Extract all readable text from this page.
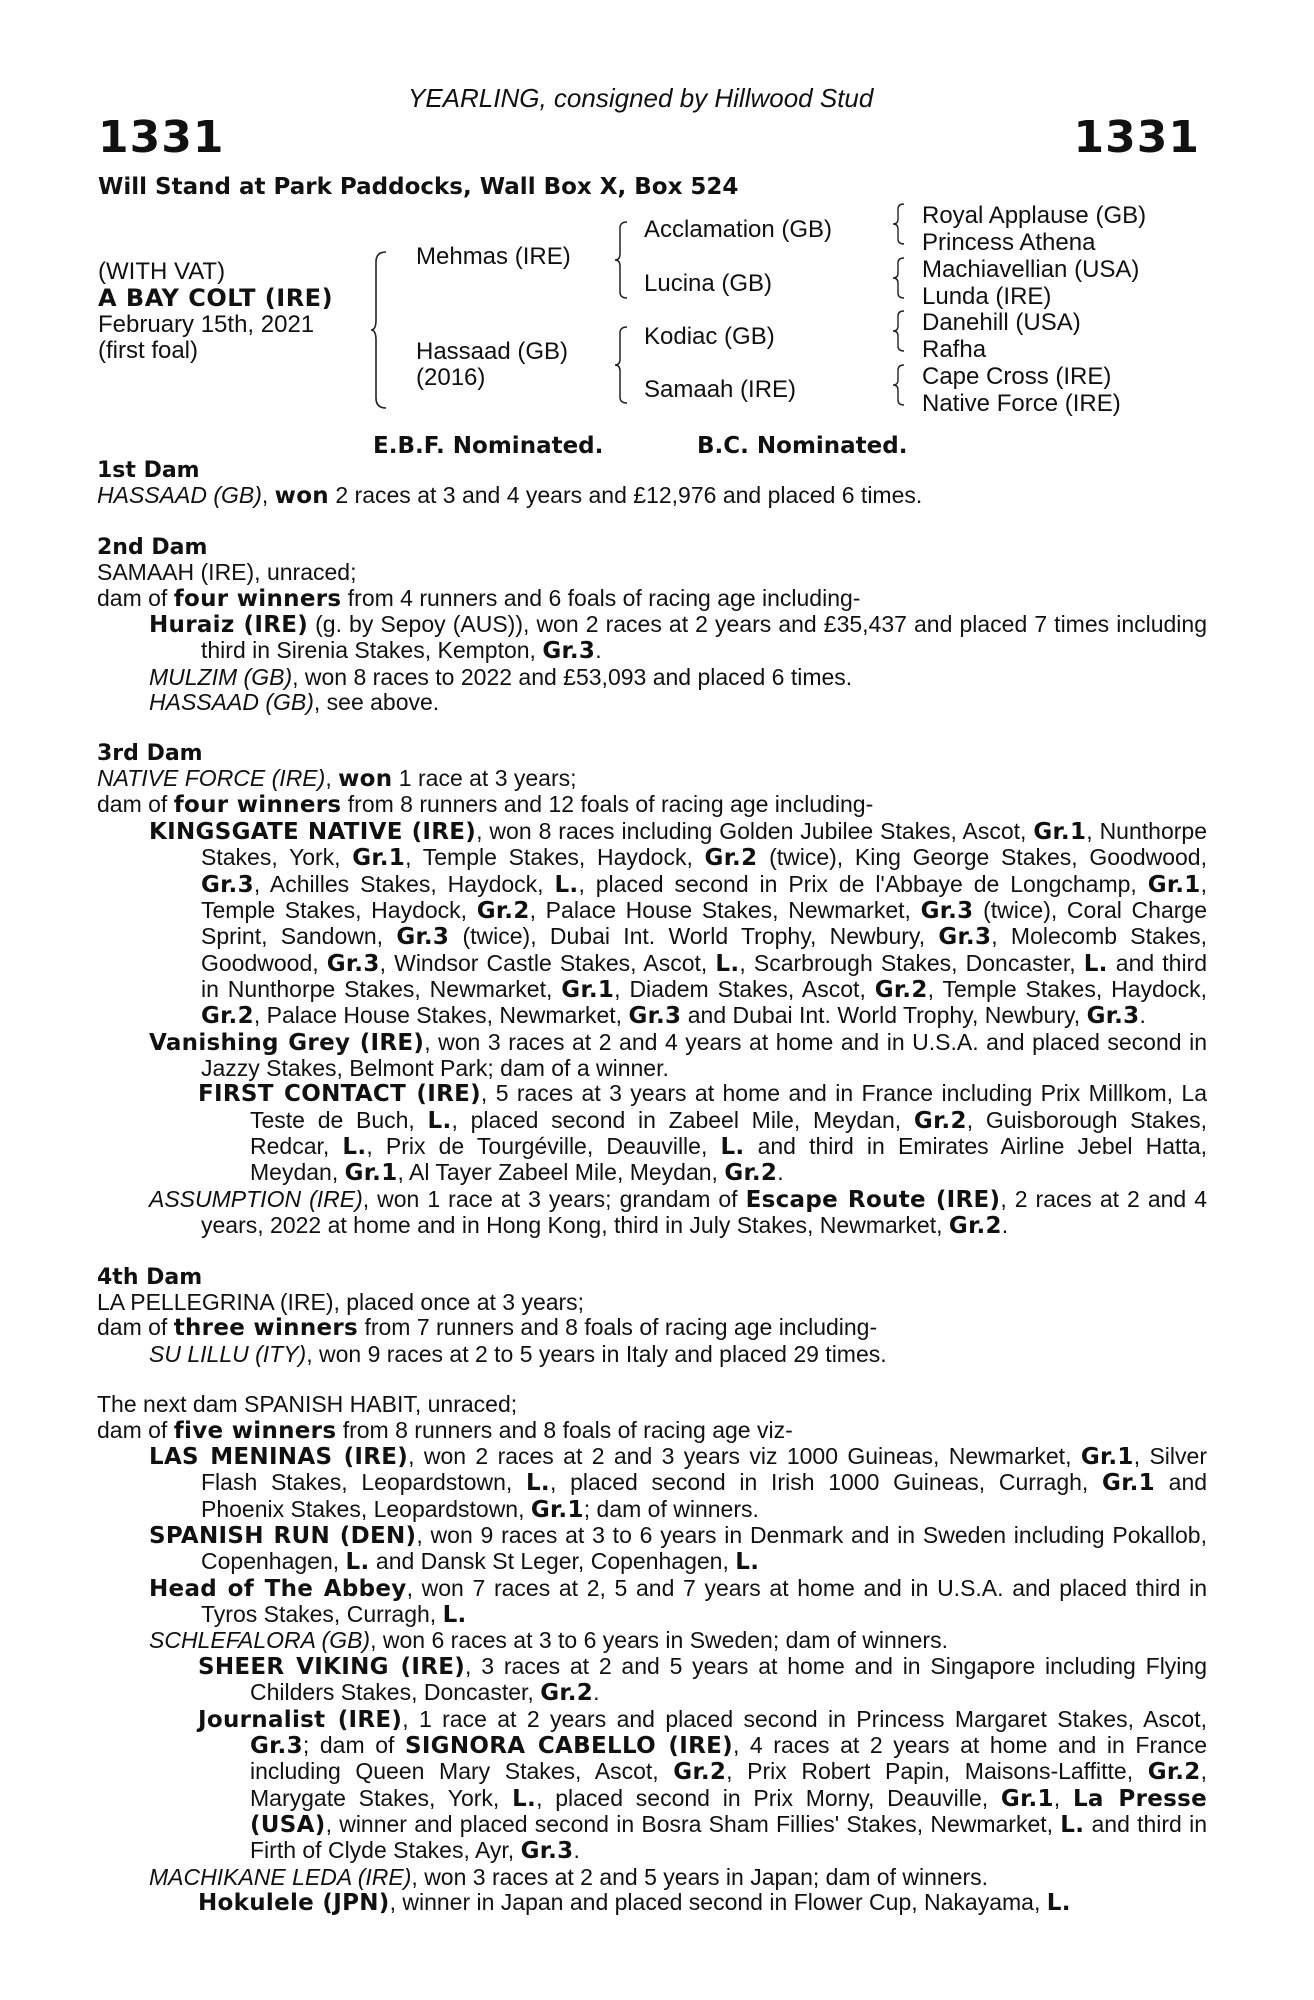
YEARLING, consigned by Hillwood Stud
1331	1331
Will Stand at Park Paddocks, Wall Box X, Box 524
(WITH VAT)
A BAY COLT (IRE)
February 15th, 2021
(first foal)
Mehmas (IRE)
Hassaad (GB)
(2016)
Acclamation (GB)
Lucina (GB)
Kodiac (GB)
Samaah (IRE)
Royal Applause (GB)
Princess Athena
Machiavellian (USA)
Lunda (IRE)
Danehill (USA)
Rafha
Cape Cross (IRE)
Native Force (IRE)
E.B.F. Nominated.	B.C. Nominated.

1st Dam

HASSAAD (GB), won 2 races at 3 and 4 years and £12,976 and placed 6 times.

2nd Dam

SAMAAH (IRE), unraced;

dam of four winners from 4 runners and 6 foals of racing age including-

Huraiz (IRE) (g. by Sepoy (AUS)), won 2 races at 2 years and £35,437 and placed 7 times including third in Sirenia Stakes, Kempton, Gr.3.

MULZIM (GB), won 8 races to 2022 and £53,093 and placed 6 times.

HASSAAD (GB), see above.

3rd Dam

NATIVE FORCE (IRE), won 1 race at 3 years;

dam of four winners from 8 runners and 12 foals of racing age including-

KINGSGATE NATIVE (IRE), won 8 races including Golden Jubilee Stakes, Ascot, Gr.1, Nunthorpe Stakes, York, Gr.1, Temple Stakes, Haydock, Gr.2 (twice), King George Stakes, Goodwood, Gr.3, Achilles Stakes, Haydock, L., placed second in Prix de l'Abbaye de Longchamp, Gr.1, Temple Stakes, Haydock, Gr.2, Palace House Stakes, Newmarket, Gr.3 (twice), Coral Charge Sprint, Sandown, Gr.3 (twice), Dubai Int. World Trophy, Newbury, Gr.3, Molecomb Stakes, Goodwood, Gr.3, Windsor Castle Stakes, Ascot, L., Scarbrough Stakes, Doncaster, L. and third in Nunthorpe Stakes, Newmarket, Gr.1, Diadem Stakes, Ascot, Gr.2, Temple Stakes, Haydock, Gr.2, Palace House Stakes, Newmarket, Gr.3 and Dubai Int. World Trophy, Newbury, Gr.3.

Vanishing Grey (IRE), won 3 races at 2 and 4 years at home and in U.S.A. and placed second in Jazzy Stakes, Belmont Park; dam of a winner.

FIRST CONTACT (IRE), 5 races at 3 years at home and in France including Prix Millkom, La Teste de Buch, L., placed second in Zabeel Mile, Meydan, Gr.2, Guisborough Stakes, Redcar, L., Prix de Tourgéville, Deauville, L. and third in Emirates Airline Jebel Hatta, Meydan, Gr.1, Al Tayer Zabeel Mile, Meydan, Gr.2.

ASSUMPTION (IRE), won 1 race at 3 years; grandam of Escape Route (IRE), 2 races at 2 and 4 years, 2022 at home and in Hong Kong, third in July Stakes, Newmarket, Gr.2.

4th Dam

LA PELLEGRINA (IRE), placed once at 3 years;

dam of three winners from 7 runners and 8 foals of racing age including-

SU LILLU (ITY), won 9 races at 2 to 5 years in Italy and placed 29 times.

The next dam SPANISH HABIT, unraced;

dam of five winners from 8 runners and 8 foals of racing age viz-

LAS MENINAS (IRE), won 2 races at 2 and 3 years viz 1000 Guineas, Newmarket, Gr.1, Silver Flash Stakes, Leopardstown, L., placed second in Irish 1000 Guineas, Curragh, Gr.1 and Phoenix Stakes, Leopardstown, Gr.1; dam of winners.

SPANISH RUN (DEN), won 9 races at 3 to 6 years in Denmark and in Sweden including Pokallob, Copenhagen, L. and Dansk St Leger, Copenhagen, L.

Head of The Abbey, won 7 races at 2, 5 and 7 years at home and in U.S.A. and placed third in Tyros Stakes, Curragh, L.

SCHLEFALORA (GB), won 6 races at 3 to 6 years in Sweden; dam of winners.

SHEER VIKING (IRE), 3 races at 2 and 5 years at home and in Singapore including Flying Childers Stakes, Doncaster, Gr.2.

Journalist (IRE), 1 race at 2 years and placed second in Princess Margaret Stakes, Ascot, Gr.3; dam of SIGNORA CABELLO (IRE), 4 races at 2 years at home and in France including Queen Mary Stakes, Ascot, Gr.2, Prix Robert Papin, Maisons-Laffitte, Gr.2, Marygate Stakes, York, L., placed second in Prix Morny, Deauville, Gr.1, La Presse (USA), winner and placed second in Bosra Sham Fillies' Stakes, Newmarket, L. and third in Firth of Clyde Stakes, Ayr, Gr.3.

MACHIKANE LEDA (IRE), won 3 races at 2 and 5 years in Japan; dam of winners.

Hokulele (JPN), winner in Japan and placed second in Flower Cup, Nakayama, L.
